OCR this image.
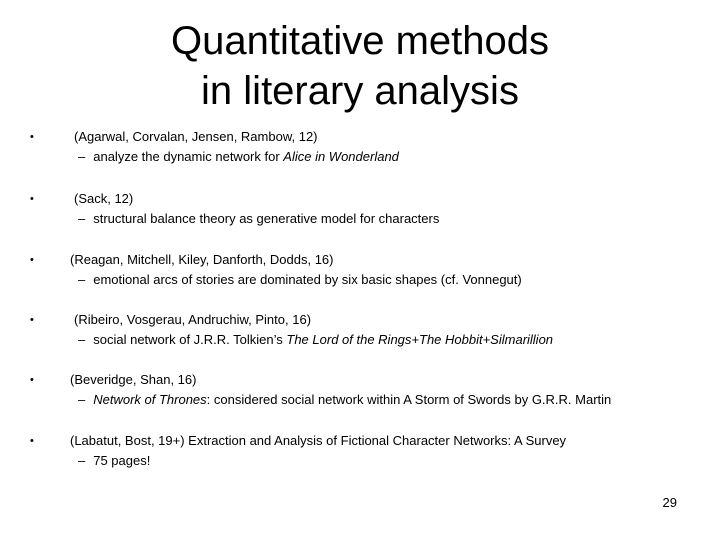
Quantitative methods
in literary analysis
•	(Agarwal, Corvalan, Jensen, Rambow, 12)
– analyze the dynamic network for Alice in Wonderland
•	(Sack, 12)
– structural balance theory as generative model for characters
•	(Reagan, Mitchell, Kiley, Danforth, Dodds, 16)
– emotional arcs of stories are dominated by six basic shapes (cf. Vonnegut)
•	(Ribeiro, Vosgerau, Andruchiw, Pinto, 16)
– social network of J.R.R. Tolkien’s The Lord of the Rings+The Hobbit+Silmarillion
•	(Beveridge, Shan, 16)
– Network of Thrones: considered social network within A Storm of Swords by G.R.R. Martin
•	(Labatut, Bost, 19+) Extraction and Analysis of Fictional Character Networks: A Survey
– 75 pages!
29
